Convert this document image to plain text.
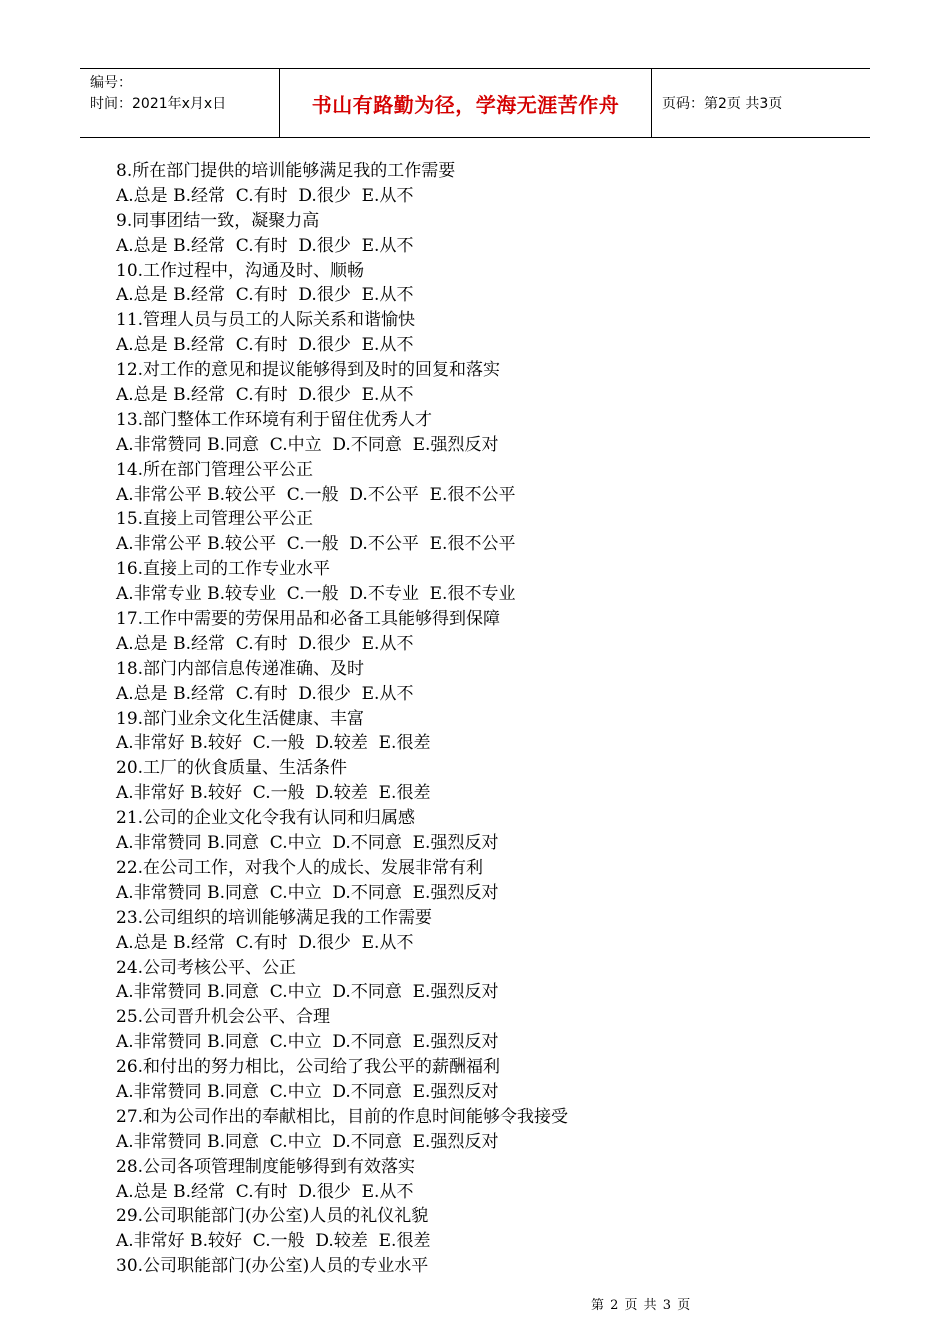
编号：
时间：2021年x月x日	书山有路勤为径，学海无涯苦作舟	页码：第2页 共3页
8.所在部门提供的培训能够满足我的工作需要
A.总是 B.经常  C.有时  D.很少  E.从不
9.同事团结一致，凝聚力高
A.总是 B.经常  C.有时  D.很少  E.从不
10.工作过程中，沟通及时、顺畅
A.总是 B.经常  C.有时  D.很少  E.从不
11.管理人员与员工的人际关系和谐愉快
A.总是 B.经常  C.有时  D.很少  E.从不
12.对工作的意见和提议能够得到及时的回复和落实
A.总是 B.经常  C.有时  D.很少  E.从不
13.部门整体工作环境有利于留住优秀人才
A.非常赞同 B.同意  C.中立  D.不同意  E.强烈反对
14.所在部门管理公平公正
A.非常公平 B.较公平  C.一般  D.不公平  E.很不公平
15.直接上司管理公平公正
A.非常公平 B.较公平  C.一般  D.不公平  E.很不公平
16.直接上司的工作专业水平
A.非常专业 B.较专业  C.一般  D.不专业  E.很不专业
17.工作中需要的劳保用品和必备工具能够得到保障
A.总是 B.经常  C.有时  D.很少  E.从不
18.部门内部信息传递准确、及时
A.总是 B.经常  C.有时  D.很少  E.从不
19.部门业余文化生活健康、丰富
A.非常好 B.较好  C.一般  D.较差  E.很差
20.工厂的伙食质量、生活条件
A.非常好 B.较好  C.一般  D.较差  E.很差
21.公司的企业文化令我有认同和归属感
A.非常赞同 B.同意  C.中立  D.不同意  E.强烈反对
22.在公司工作，对我个人的成长、发展非常有利
A.非常赞同 B.同意  C.中立  D.不同意  E.强烈反对
23.公司组织的培训能够满足我的工作需要
A.总是 B.经常  C.有时  D.很少  E.从不
24.公司考核公平、公正
A.非常赞同 B.同意  C.中立  D.不同意  E.强烈反对
25.公司晋升机会公平、合理
A.非常赞同 B.同意  C.中立  D.不同意  E.强烈反对
26.和付出的努力相比，公司给了我公平的薪酬福利
A.非常赞同 B.同意  C.中立  D.不同意  E.强烈反对
27.和为公司作出的奉献相比，目前的作息时间能够令我接受
A.非常赞同 B.同意  C.中立  D.不同意  E.强烈反对
28.公司各项管理制度能够得到有效落实
A.总是 B.经常  C.有时  D.很少  E.从不
29.公司职能部门(办公室)人员的礼仪礼貌
A.非常好 B.较好  C.一般  D.较差  E.很差
30.公司职能部门(办公室)人员的专业水平
第 2 页 共 3 页
